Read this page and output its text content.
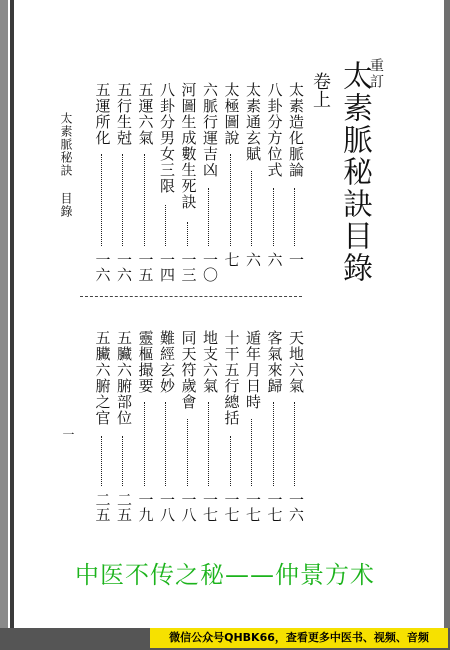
重訂
太素脈秘訣目錄
卷上
太素脈秘訣 目錄
一
太素造化脈論
一
八卦分方位式
六
太素通玄賦
六
太極圖說
七
六脈行運吉凶
一〇
河圖生成數生死訣
一三
八卦分男女三限
一四
五運六氣
一五
五行生尅
一六
五運所化
一六
天地六氣
一六
客氣來歸
一七
遁年月日時
一七
十干五行總括
一七
地支六氣
一七
同天符歲會
一八
難經玄妙
一八
靈樞撮要
一九
五臟六腑部位
二五
五臟六腑之官
二五
中医不传之秘——仲景方术
微信公众号QHBK66，查看更多中医书、视频、音频
